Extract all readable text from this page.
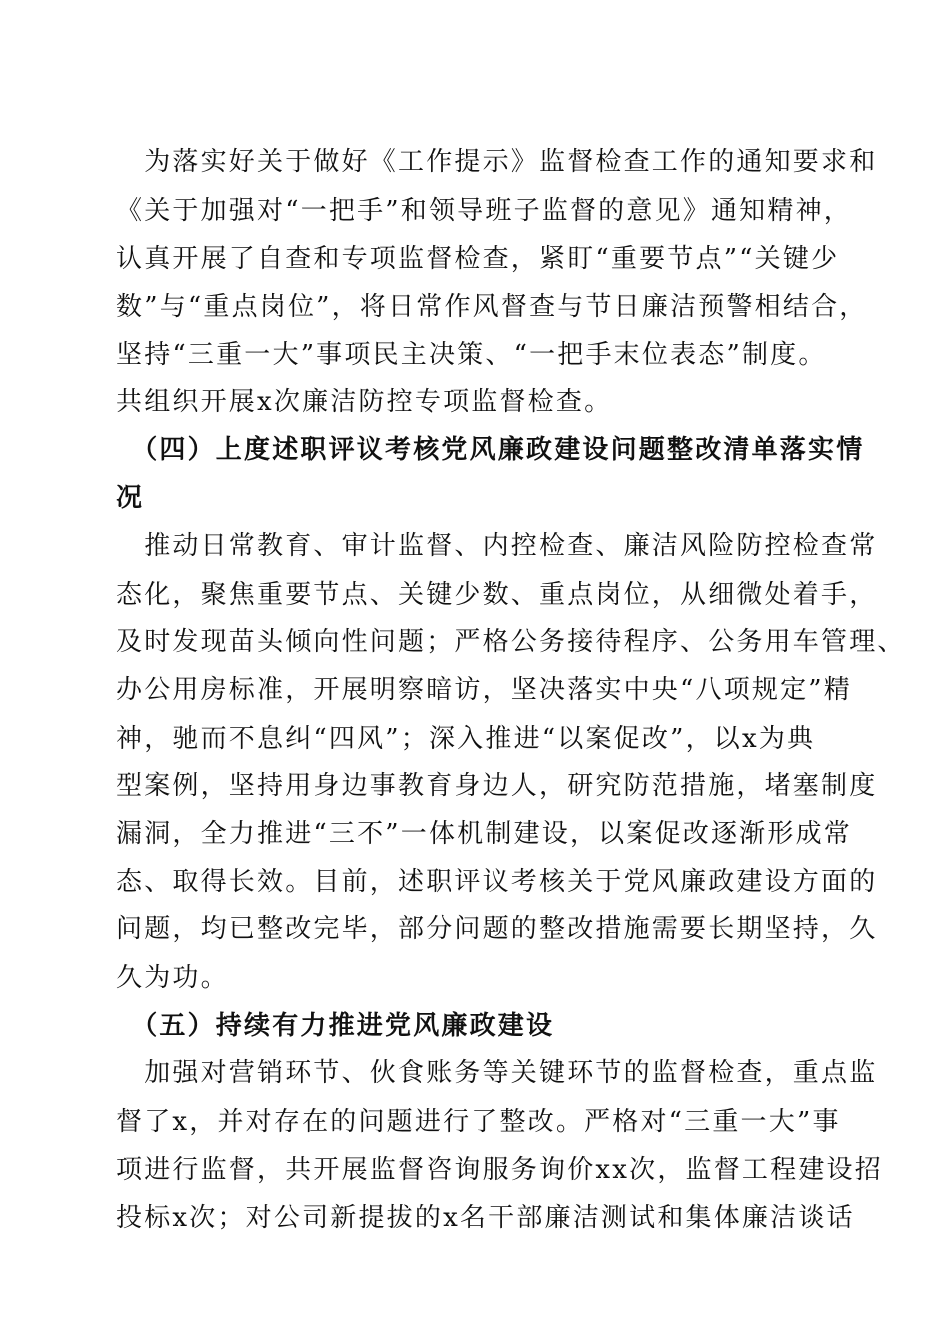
　为落实好关于做好《工作提示》监督检查工作的通知要求和
《关于加强对“一把手”和领导班子监督的意见》通知精神，
认真开展了自查和专项监督检查，紧盯“重要节点”“关键少
数”与“重点岗位”，将日常作风督查与节日廉洁预警相结合，
坚持“三重一大”事项民主决策、“一把手末位表态”制度。
共组织开展x次廉洁防控专项监督检查。
　（四）上度述职评议考核党风廉政建设问题整改清单落实情
况
　推动日常教育、审计监督、内控检查、廉洁风险防控检查常
态化，聚焦重要节点、关键少数、重点岗位，从细微处着手，
及时发现苗头倾向性问题；严格公务接待程序、公务用车管理、
办公用房标准，开展明察暗访，坚决落实中央“八项规定”精
神，驰而不息纠“四风”；深入推进“以案促改”，以x为典
型案例，坚持用身边事教育身边人，研究防范措施，堵塞制度
漏洞，全力推进“三不”一体机制建设，以案促改逐渐形成常
态、取得长效。目前，述职评议考核关于党风廉政建设方面的
问题，均已整改完毕，部分问题的整改措施需要长期坚持，久
久为功。
　（五）持续有力推进党风廉政建设
　加强对营销环节、伙食账务等关键环节的监督检查，重点监
督了x，并对存在的问题进行了整改。严格对“三重一大”事
项进行监督，共开展监督咨询服务询价xx次，监督工程建设招
投标x次；对公司新提拔的x名干部廉洁测试和集体廉洁谈话
